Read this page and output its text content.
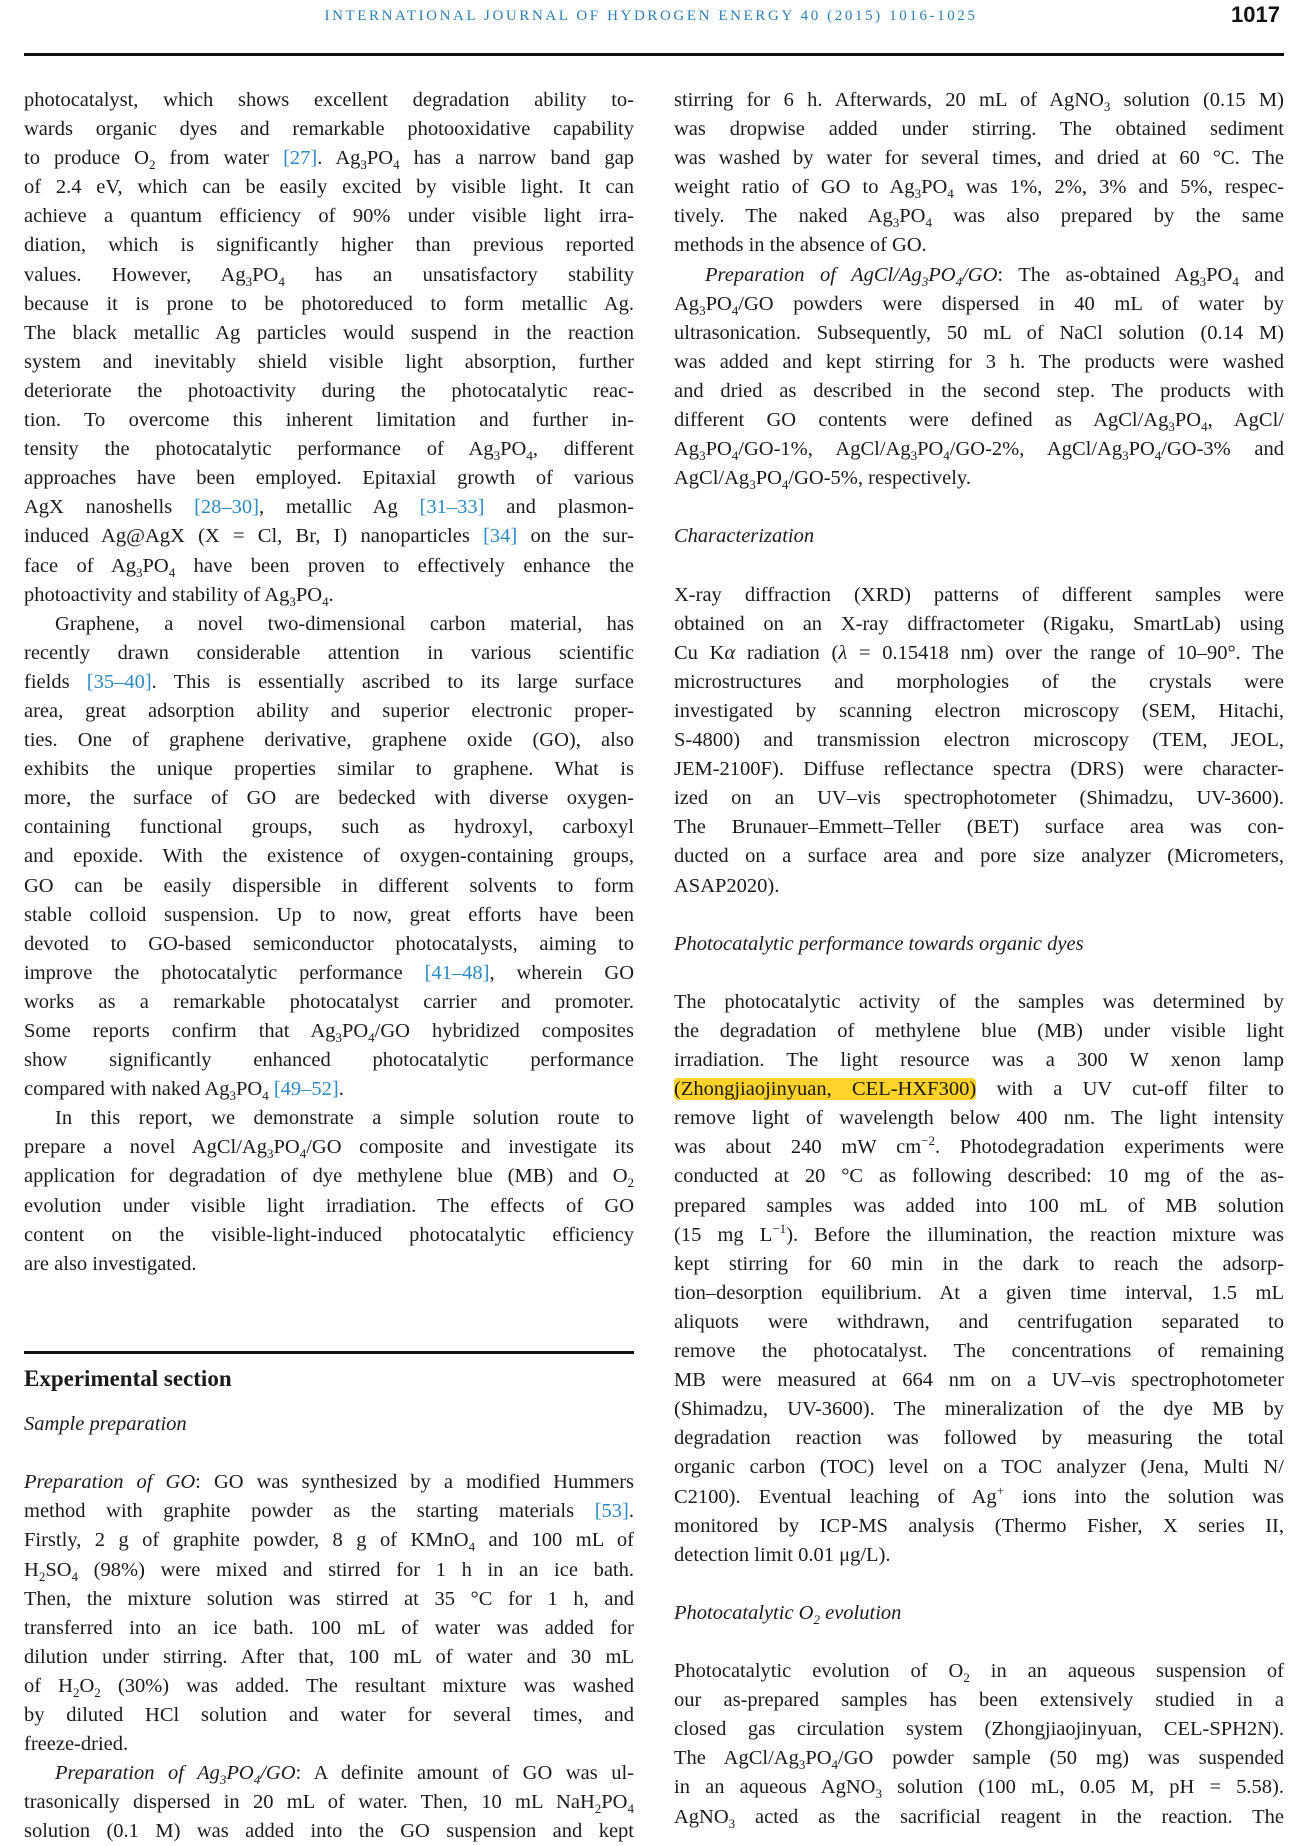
INTERNATIONAL JOURNAL OF HYDROGEN ENERGY 40 (2015) 1016-1025	1017
photocatalyst, which shows excellent degradation ability to-
wards organic dyes and remarkable photooxidative capability
to produce $O_2$ from water [27]. $Ag_3PO_4$ has a narrow band gap
of 2.4 eV, which can be easily excited by visible light. It can
achieve a quantum efficiency of 90% under visible light irra-
diation, which is significantly higher than previous reported
values. However, $Ag_3PO_4$ has an unsatisfactory stability
because it is prone to be photoreduced to form metallic Ag.
The black metallic Ag particles would suspend in the reaction
system and inevitably shield visible light absorption, further
deteriorate the photoactivity during the photocatalytic reac-
tion. To overcome this inherent limitation and further in-
tensity the photocatalytic performance of $Ag_3PO_4$, different
approaches have been employed. Epitaxial growth of various
AgX nanoshells [28–30], metallic Ag [31–33] and plasmon-
induced Ag@AgX (X = Cl, Br, I) nanoparticles [34] on the sur-
face of $Ag_3PO_4$ have been proven to effectively enhance the
photoactivity and stability of $Ag_3PO_4$.
Graphene, a novel two-dimensional carbon material, has
recently drawn considerable attention in various scientific
fields [35–40]. This is essentially ascribed to its large surface
area, great adsorption ability and superior electronic proper-
ties. One of graphene derivative, graphene oxide (GO), also
exhibits the unique properties similar to graphene. What is
more, the surface of GO are bedecked with diverse oxygen-
containing functional groups, such as hydroxyl, carboxyl
and epoxide. With the existence of oxygen-containing groups,
GO can be easily dispersible in different solvents to form
stable colloid suspension. Up to now, great efforts have been
devoted to GO-based semiconductor photocatalysts, aiming to
improve the photocatalytic performance [41–48], wherein GO
works as a remarkable photocatalyst carrier and promoter.
Some reports confirm that $Ag_3PO_4/GO$ hybridized composites
show significantly enhanced photocatalytic performance
compared with naked $Ag_3PO_4$ [49–52].
In this report, we demonstrate a simple solution route to
prepare a novel AgCl/$Ag_3PO_4/GO$ composite and investigate its
application for degradation of dye methylene blue (MB) and $O_2$
evolution under visible light irradiation. The effects of GO
content on the visible-light-induced photocatalytic efficiency
are also investigated.
Experimental section
Sample preparation
Preparation of GO: GO was synthesized by a modified Hummers
method with graphite powder as the starting materials [53].
Firstly, 2 g of graphite powder, 8 g of KMnO$_4$ and 100 mL of
$H_2SO_4$ (98%) were mixed and stirred for 1 h in an ice bath.
Then, the mixture solution was stirred at 35 °C for 1 h, and
transferred into an ice bath. 100 mL of water was added for
dilution under stirring. After that, 100 mL of water and 30 mL
of $H_2O_2$ (30%) was added. The resultant mixture was washed
by diluted HCl solution and water for several times, and
freeze-dried.
Preparation of $Ag_3PO_4/GO$: A definite amount of GO was ul-
trasonically dispersed in 20 mL of water. Then, 10 mL $NaH_2PO_4$
solution (0.1 M) was added into the GO suspension and kept
stirring for 6 h. Afterwards, 20 mL of AgNO$_3$ solution (0.15 M)
was dropwise added under stirring. The obtained sediment
was washed by water for several times, and dried at 60 °C. The
weight ratio of GO to $Ag_3PO_4$ was 1%, 2%, 3% and 5%, respec-
tively. The naked $Ag_3PO_4$ was also prepared by the same
methods in the absence of GO.
Preparation of AgCl/$Ag_3PO_4/GO$: The as-obtained $Ag_3PO_4$ and
$Ag_3PO_4/GO$ powders were dispersed in 40 mL of water by
ultrasonication. Subsequently, 50 mL of NaCl solution (0.14 M)
was added and kept stirring for 3 h. The products were washed
and dried as described in the second step. The products with
different GO contents were defined as AgCl/$Ag_3PO_4$, AgCl/
$Ag_3PO_4/GO-1\%$, AgCl/$Ag_3PO_4/GO-2\%$, AgCl/$Ag_3PO_4/GO-3\%$ and
AgCl/$Ag_3PO_4/GO-5\%$, respectively.
Characterization
X-ray diffraction (XRD) patterns of different samples were
obtained on an X-ray diffractometer (Rigaku, SmartLab) using
Cu Kα radiation (λ = 0.15418 nm) over the range of 10–90°. The
microstructures and morphologies of the crystals were
investigated by scanning electron microscopy (SEM, Hitachi,
S-4800) and transmission electron microscopy (TEM, JEOL,
JEM-2100F). Diffuse reflectance spectra (DRS) were character-
ized on an UV–vis spectrophotometer (Shimadzu, UV-3600).
The Brunauer–Emmett–Teller (BET) surface area was con-
ducted on a surface area and pore size analyzer (Micrometers,
ASAP2020).
Photocatalytic performance towards organic dyes
The photocatalytic activity of the samples was determined by
the degradation of methylene blue (MB) under visible light
irradiation. The light resource was a 300 W xenon lamp
(Zhongjiaojinyuan, CEL-HXF300) with a UV cut-off filter to
remove light of wavelength below 400 nm. The light intensity
was about 240 mW $cm^{-2}$. Photodegradation experiments were
conducted at 20 °C as following described: 10 mg of the as-
prepared samples was added into 100 mL of MB solution
(15 mg $L^{-1}$). Before the illumination, the reaction mixture was
kept stirring for 60 min in the dark to reach the adsorp-
tion–desorption equilibrium. At a given time interval, 1.5 mL
aliquots were withdrawn, and centrifugation separated to
remove the photocatalyst. The concentrations of remaining
MB were measured at 664 nm on a UV–vis spectrophotometer
(Shimadzu, UV-3600). The mineralization of the dye MB by
degradation reaction was followed by measuring the total
organic carbon (TOC) level on a TOC analyzer (Jena, Multi N/
C2100). Eventual leaching of Ag+ ions into the solution was
monitored by ICP-MS analysis (Thermo Fisher, X series II,
detection limit 0.01 μg/L).
Photocatalytic $O_2$ evolution
Photocatalytic evolution of $O_2$ in an aqueous suspension of
our as-prepared samples has been extensively studied in a
closed gas circulation system (Zhongjiaojinyuan, CEL-SPH2N).
The AgCl/$Ag_3PO_4/GO$ powder sample (50 mg) was suspended
in an aqueous AgNO$_3$ solution (100 mL, 0.05 M, pH = 5.58).
AgNO$_3$ acted as the sacrificial reagent in the reaction. The
